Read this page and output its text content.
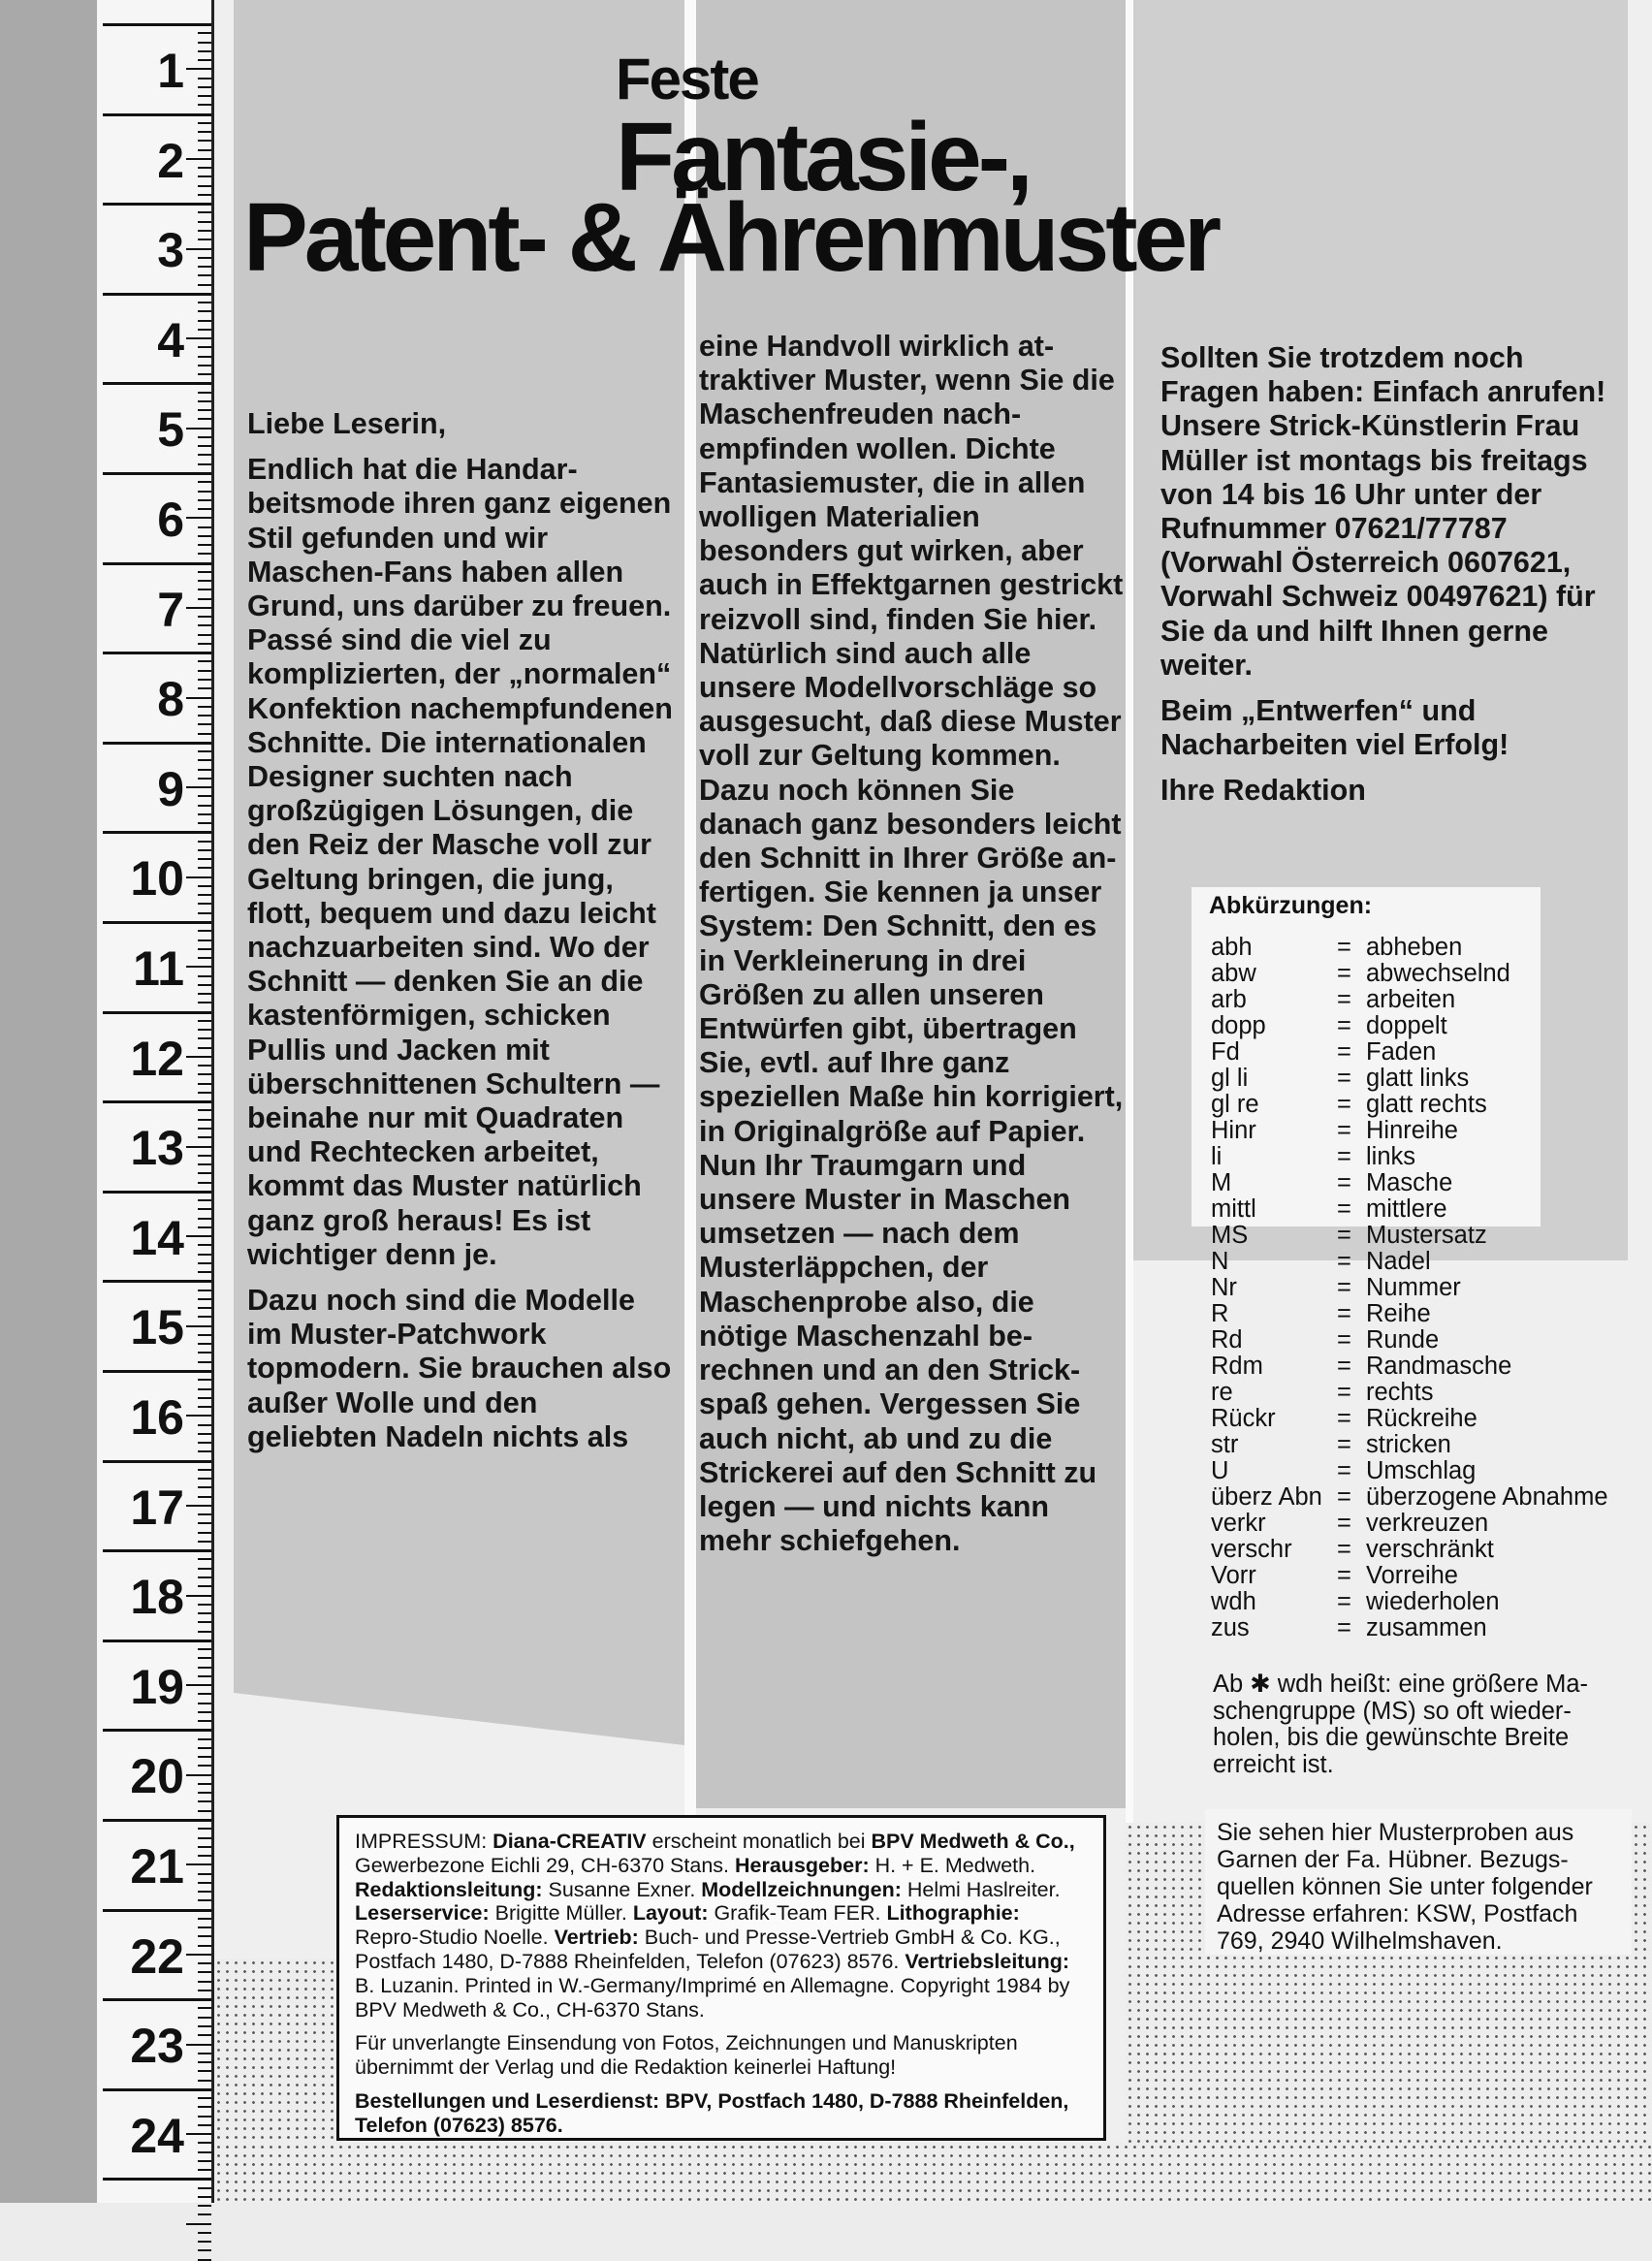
1
2
3
4
5
6
7
8
9
10
11
12
13
14
15
16
17
18
19
20
21
22
23
24
Feste
Fantasie-,
Patent- & Ährenmuster

Liebe Leserin,

Endlich hat die Handarbeitsmode ihren ganz eigenen Stil gefunden und wir Maschen-Fans haben allen Grund, uns darüber zu freuen. Passé sind die viel zu komplizierten, der „normalen“ Konfektion nachempfundenen Schnitte. Die internationalen Designer suchten nach großzügigen Lösungen, die den Reiz der Masche voll zur Geltung bringen, die jung, flott, bequem und dazu leicht nachzuarbeiten sind. Wo der Schnitt — denken Sie an die kastenförmigen, schicken Pullis und Jacken mit überschnittenen Schultern — beinahe nur mit Quadraten und Rechtecken arbeitet, kommt das Muster natürlich ganz groß heraus! Es ist wichtiger denn je.

Dazu noch sind die Modelle im Muster-Patchwork topmodern. Sie brauchen also außer Wolle und den geliebten Nadeln nichts als

eine Handvoll wirklich attraktiver Muster, wenn Sie die Maschenfreuden nachempfinden wollen. Dichte Fantasiemuster, die in allen wolligen Materialien besonders gut wirken, aber auch in Effektgarnen gestrickt reizvoll sind, finden Sie hier. Natürlich sind auch alle unsere Modellvorschläge so ausgesucht, daß diese Muster voll zur Geltung kommen. Dazu noch können Sie danach ganz besonders leicht den Schnitt in Ihrer Größe anfertigen. Sie kennen ja unser System: Den Schnitt, den es in Verkleinerung in drei Größen zu allen unseren Entwürfen gibt, übertragen Sie, evtl. auf Ihre ganz speziellen Maße hin korrigiert, in Originalgröße auf Papier. Nun Ihr Traumgarn und unsere Muster in Maschen umsetzen — nach dem Musterläppchen, der Maschenprobe also, die nötige Maschenzahl berechnen und an den Strickspaß gehen. Vergessen Sie auch nicht, ab und zu die Strickerei auf den Schnitt zu legen — und nichts kann mehr schiefgehen.

Sollten Sie trotzdem noch Fragen haben: Einfach anrufen! Unsere Strick-Künstlerin Frau Müller ist montags bis freitags von 14 bis 16 Uhr unter der Rufnummer 07621/77787 (Vorwahl Österreich 0607621, Vorwahl Schweiz 00497621) für Sie da und hilft Ihnen gerne weiter.

Beim „Entwerfen“ und Nacharbeiten viel Erfolg!

Ihre Redaktion

Abkürzungen:
abh	= abheben
abw	= abwechselnd
arb	= arbeiten
dopp	= doppelt
Fd	= Faden
gl li	= glatt links
gl re	= glatt rechts
Hinr	= Hinreihe
li	= links
M	= Masche
mittl	= mittlere
MS	= Mustersatz
N	= Nadel
Nr	= Nummer
R	= Reihe
Rd	= Runde
Rdm	= Randmasche
re	= rechts
Rückr	= Rückreihe
str	= stricken
U	= Umschlag
überz Abn = überzogene Abnahme
verkr	= verkreuzen
verschr	= verschränkt
Vorr	= Vorreihe
wdh	= wiederholen
zus	= zusammen
Ab ✱ wdh heißt: eine größere Maschengruppe (MS) so oft wiederholen, bis die gewünschte Breite erreicht ist.

IMPRESSUM: Diana-CREATIV erscheint monatlich bei BPV Medweth & Co., Gewerbezone Eichli 29, CH-6370 Stans. Herausgeber: H. + E. Medweth. Redaktionsleitung: Susanne Exner. Modellzeichnungen: Helmi Haslreiter. Leserservice: Brigitte Müller. Layout: Grafik-Team FER. Lithographie: Repro-Studio Noelle. Vertrieb: Buch- und Presse-Vertrieb GmbH & Co. KG., Postfach 1480, D-7888 Rheinfelden, Telefon (07623) 8576. Vertriebsleitung: B. Luzanin. Printed in W.-Germany/Imprimé en Allemagne. Copyright 1984 by BPV Medweth & Co., CH-6370 Stans.

Für unverlangte Einsendung von Fotos, Zeichnungen und Manuskripten übernimmt der Verlag und die Redaktion keinerlei Haftung!

Bestellungen und Leserdienst: BPV, Postfach 1480, D-7888 Rheinfelden, Telefon (07623) 8576.

Sie sehen hier Musterproben aus Garnen der Fa. Hübner. Bezugsquellen können Sie unter folgender Adresse erfahren: KSW, Postfach 769, 2940 Wilhelmshaven.
